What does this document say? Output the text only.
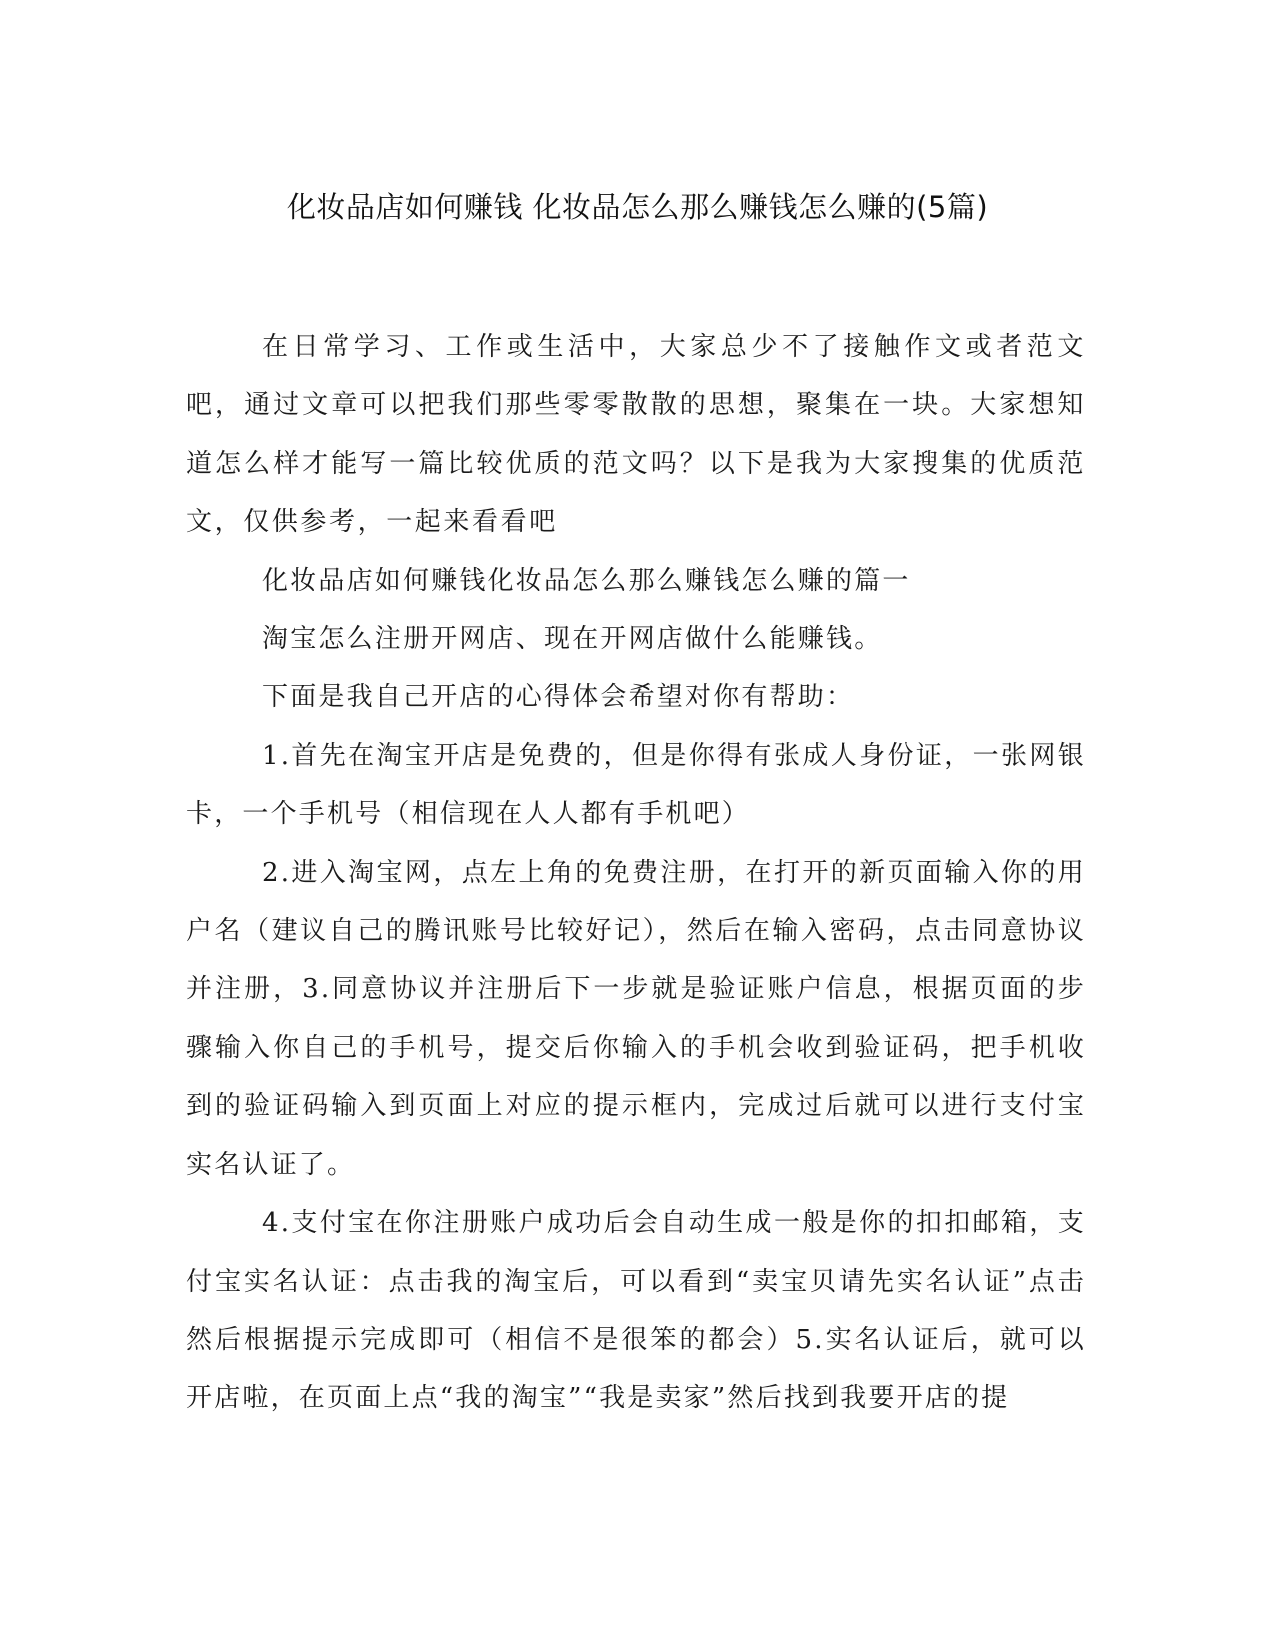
化妆品店如何赚钱 化妆品怎么那么赚钱怎么赚的(5篇)

在日常学习、工作或生活中，大家总少不了接触作文或者范文吧，通过文章可以把我们那些零零散散的思想，聚集在一块。大家想知道怎么样才能写一篇比较优质的范文吗？以下是我为大家搜集的优质范文，仅供参考，一起来看看吧

化妆品店如何赚钱化妆品怎么那么赚钱怎么赚的篇一

淘宝怎么注册开网店、现在开网店做什么能赚钱。

下面是我自己开店的心得体会希望对你有帮助：

1.首先在淘宝开店是免费的，但是你得有张成人身份证，一张网银卡，一个手机号（相信现在人人都有手机吧）

2.进入淘宝网，点左上角的免费注册，在打开的新页面输入你的用户名（建议自己的腾讯账号比较好记），然后在输入密码，点击同意协议并注册，3.同意协议并注册后下一步就是验证账户信息，根据页面的步骤输入你自己的手机号，提交后你输入的手机会收到验证码，把手机收到的验证码输入到页面上对应的提示框内，完成过后就可以进行支付宝实名认证了。

4.支付宝在你注册账户成功后会自动生成一般是你的扣扣邮箱，支付宝实名认证：点击我的淘宝后，可以看到“卖宝贝请先实名认证”点击然后根据提示完成即可（相信不是很笨的都会）5.实名认证后，就可以开店啦，在页面上点“我的淘宝”“我是卖家”然后找到我要开店的提
